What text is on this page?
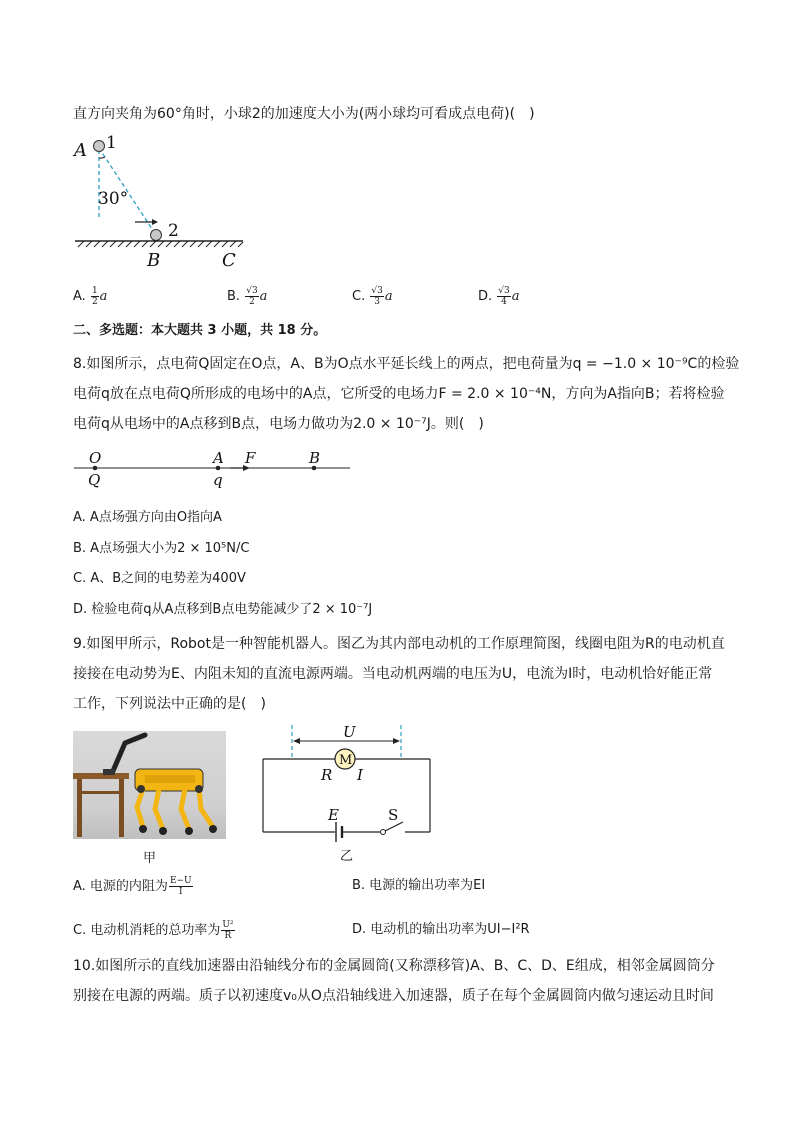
直方向夹角为60°角时，小球2的加速度大小为(两小球均可看成点电荷)(　)
A 1
30°
2
B	C
A. $\frac{1}{2}$ a	B. $\frac{√3}{2}$ a	C. $\frac{√3}{3}$ a	D. $\frac{√3}{4}$ a
二、多选题：本大题共 3 小题，共 18 分。
8.如图所示，点电荷Q固定在O点，A、B为O点水平延长线上的两点，把电荷量为q = −1.0 × 10⁻⁹C的检验
电荷q放在点电荷Q所形成的电场中的A点，它所受的电场力F = 2.0 × 10⁻⁴N，方向为A指向B；若将检验
电荷q从电场中的A点移到B点，电场力做功为2.0 × 10⁻⁷J。则(　)
O
Q
A
q
F	B
A. A点场强方向由O指向A
B. A点场强大小为2 × 10⁵N/C
C. A、B之间的电势差为400V
D. 检验电荷q从A点移到B点电势能减少了2 × 10⁻⁷J
9.如图甲所示，Robot是一种智能机器人。图乙为其内部电动机的工作原理简图，线圈电阻为R的电动机直
接接在电动势为E、内阻未知的直流电源两端。当电动机两端的电压为U，电流为I时，电动机恰好能正常
工作，下列说法中正确的是(　)
甲
U
M
R I
E	S
乙
A. 电源的内阻为 $\frac{E-U}{I}$	B. 电源的输出功率为EI
C. 电动机消耗的总功率为 $\frac{\text{U²}}{R}$	D. 电动机的输出功率为UI−I²R
10.如图所示的直线加速器由沿轴线分布的金属圆筒(又称漂移管)A、B、C、D、E组成，相邻金属圆筒分
别接在电源的两端。质子以初速度v₀从O点沿轴线进入加速器，质子在每个金属圆筒内做匀速运动且时间
